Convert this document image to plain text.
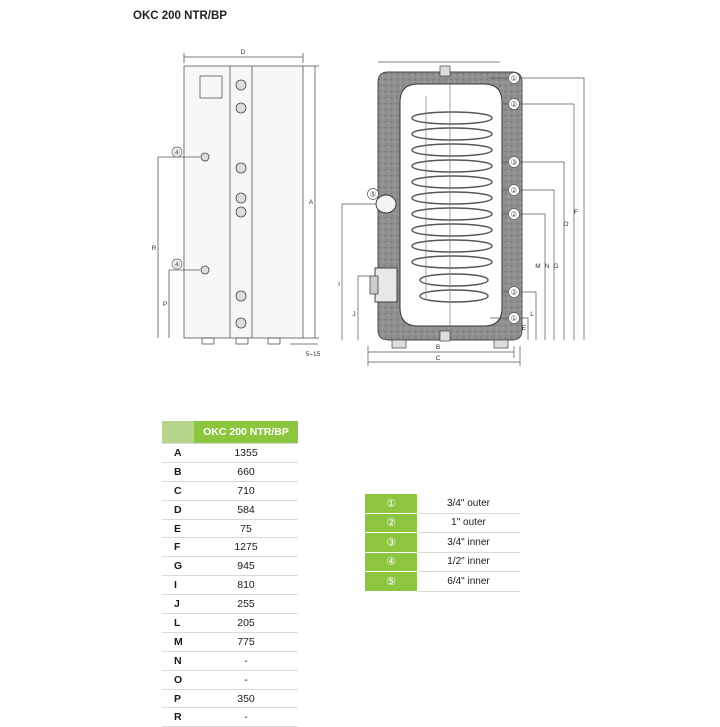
OKC 200 NTR/BP
D
A
R
P
5–15
I
J
E
L
B
C
M N G
O
F
④
④
①
②
③
②
②
②
①
⑤
	OKC 200 NTR/BP
A	1355
B	660
C	710
D	584
E	75
F	1275
G	945
I	810
J	255
L	205
M	775
N	-
O	-
P	350
R	-
①	3/4" outer
②	1" outer
③	3/4" inner
④	1/2" inner
⑤	6/4" inner
